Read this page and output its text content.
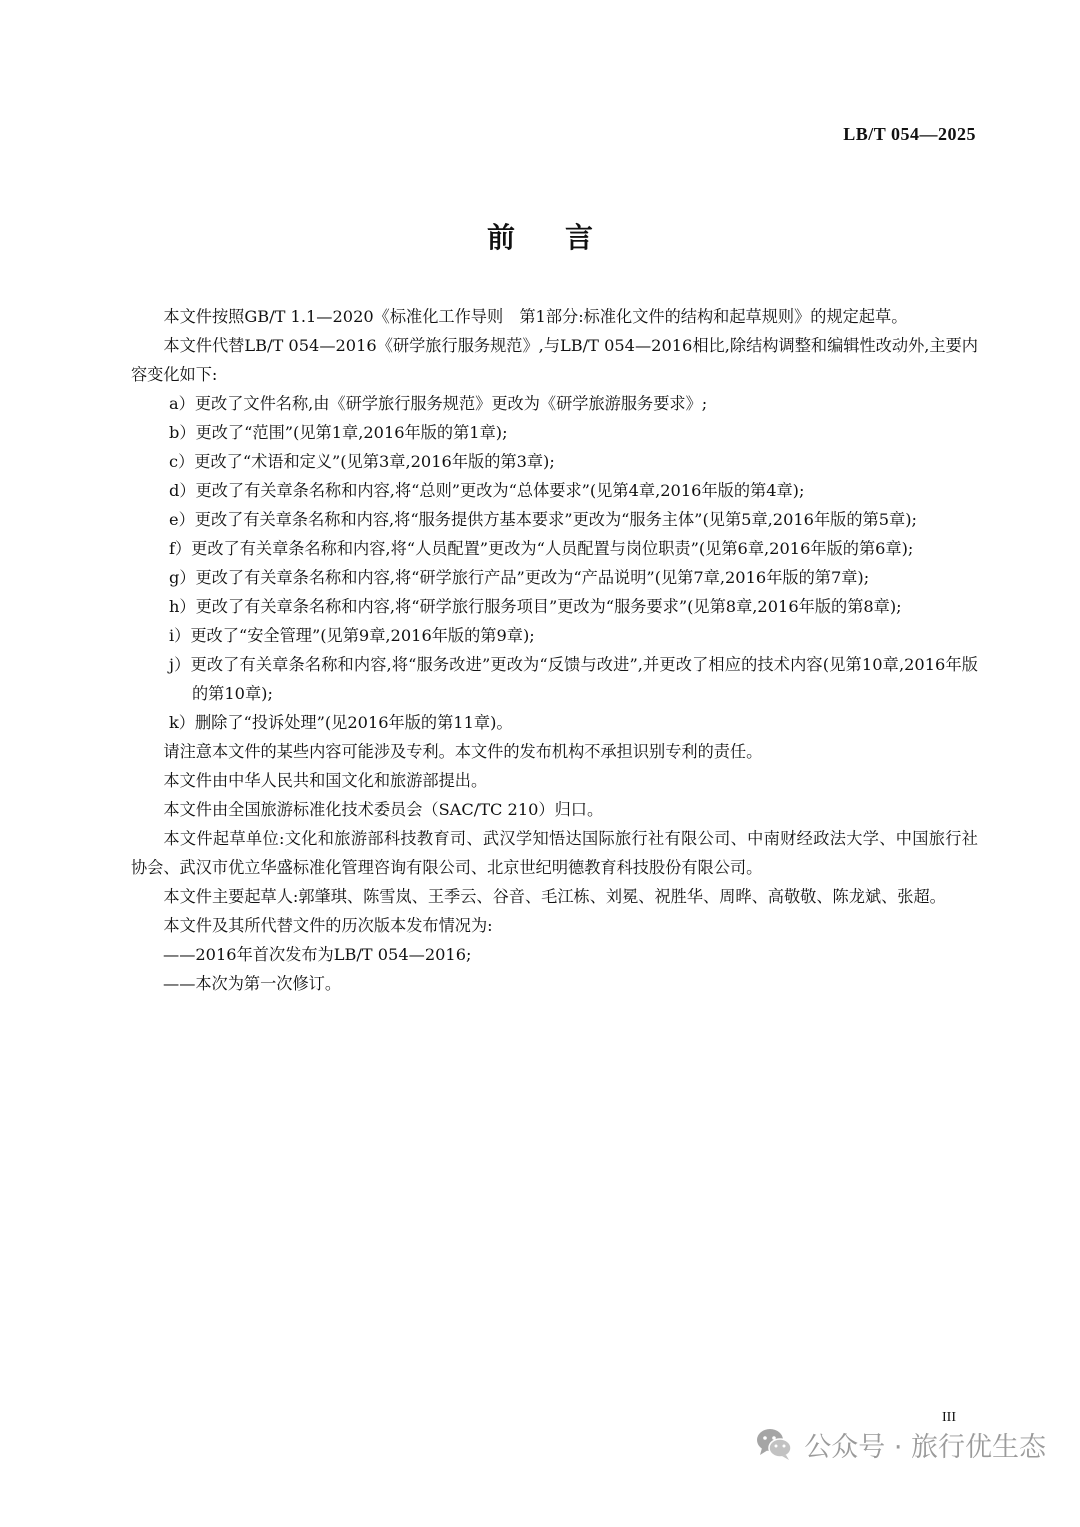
LB/T 054—2025
前言

本文件按照GB/T 1.1—2020《标准化工作导则　第1部分:标准化文件的结构和起草规则》的规定起草。

本文件代替LB/T 054—2016《研学旅行服务规范》,与LB/T 054—2016相比,除结构调整和编辑性改动外,主要内容变化如下:

a）更改了文件名称,由《研学旅行服务规范》更改为《研学旅游服务要求》;

b）更改了“范围”(见第1章,2016年版的第1章);

c）更改了“术语和定义”(见第3章,2016年版的第3章);

d）更改了有关章条名称和内容,将“总则”更改为“总体要求”(见第4章,2016年版的第4章);

e）更改了有关章条名称和内容,将“服务提供方基本要求”更改为“服务主体”(见第5章,2016年版的第5章);

f）更改了有关章条名称和内容,将“人员配置”更改为“人员配置与岗位职责”(见第6章,2016年版的第6章);

g）更改了有关章条名称和内容,将“研学旅行产品”更改为“产品说明”(见第7章,2016年版的第7章);

h）更改了有关章条名称和内容,将“研学旅行服务项目”更改为“服务要求”(见第8章,2016年版的第8章);

i）更改了“安全管理”(见第9章,2016年版的第9章);

j）更改了有关章条名称和内容,将“服务改进”更改为“反馈与改进”,并更改了相应的技术内容(见第10章,2016年版的第10章);

k）删除了“投诉处理”(见2016年版的第11章)。

请注意本文件的某些内容可能涉及专利。本文件的发布机构不承担识别专利的责任。

本文件由中华人民共和国文化和旅游部提出。

本文件由全国旅游标准化技术委员会（SAC/TC 210）归口。

本文件起草单位:文化和旅游部科技教育司、武汉学知悟达国际旅行社有限公司、中南财经政法大学、中国旅行社协会、武汉市优立华盛标准化管理咨询有限公司、北京世纪明德教育科技股份有限公司。

本文件主要起草人:郭肇琪、陈雪岚、王季云、谷音、毛江栋、刘冕、祝胜华、周晔、高敬敬、陈龙斌、张超。

本文件及其所代替文件的历次版本发布情况为:

——2016年首次发布为LB/T 054—2016;

——本次为第一次修订。

III
公众号 · 旅行优生态
